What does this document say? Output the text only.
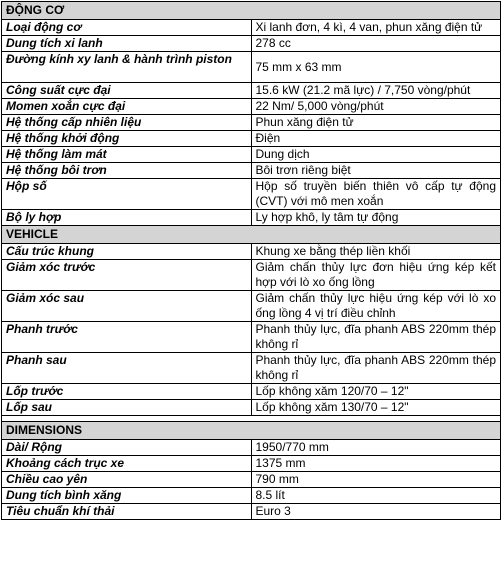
ĐỘNG CƠ	
Loại động cơ	Xi lanh đơn, 4 kì, 4 van, phun xăng điện tử
Dung tích xi lanh	278 cc
Đường kính xy lanh & hành trình piston	75 mm x 63 mm
Công suất cực đại	15.6 kW (21.2 mã lực) / 7,750 vòng/phút
Momen xoắn cực đại	22 Nm/ 5,000 vòng/phút
Hệ thống cấp nhiên liệu	Phun xăng điện tử
Hệ thống khởi động	Điện
Hệ thống làm mát	Dung dịch
Hệ thống bôi trơn	Bôi trơn riêng biệt
Hộp số	Hộp số truyền biến thiên vô cấp tự động (CVT) với mô men xoắn
Bộ ly hợp	Ly hợp khô, ly tâm tự động
VEHICLE	
Cấu trúc khung	Khung xe bằng thép liền khối
Giảm xóc trước	Giảm chấn thủy lực đơn hiệu ứng kép kết hợp với lò xo ống lồng
Giảm xóc sau	Giảm chấn thủy lực hiệu ứng kép với lò xo ống lồng 4 vị trí điều chỉnh
Phanh trước	Phanh thủy lực, đĩa phanh ABS 220mm thép không rỉ
Phanh sau	Phanh thủy lực, đĩa phanh ABS 220mm thép không rỉ
Lốp trước	Lốp không xăm 120/70 – 12"
Lốp sau	Lốp không xăm 130/70 – 12"

DIMENSIONS	
Dài/ Rộng	1950/770 mm
Khoảng cách trục xe	1375 mm
Chiều cao yên	790 mm
Dung tích bình xăng	8.5 lít
Tiêu chuẩn khí thải	Euro 3
